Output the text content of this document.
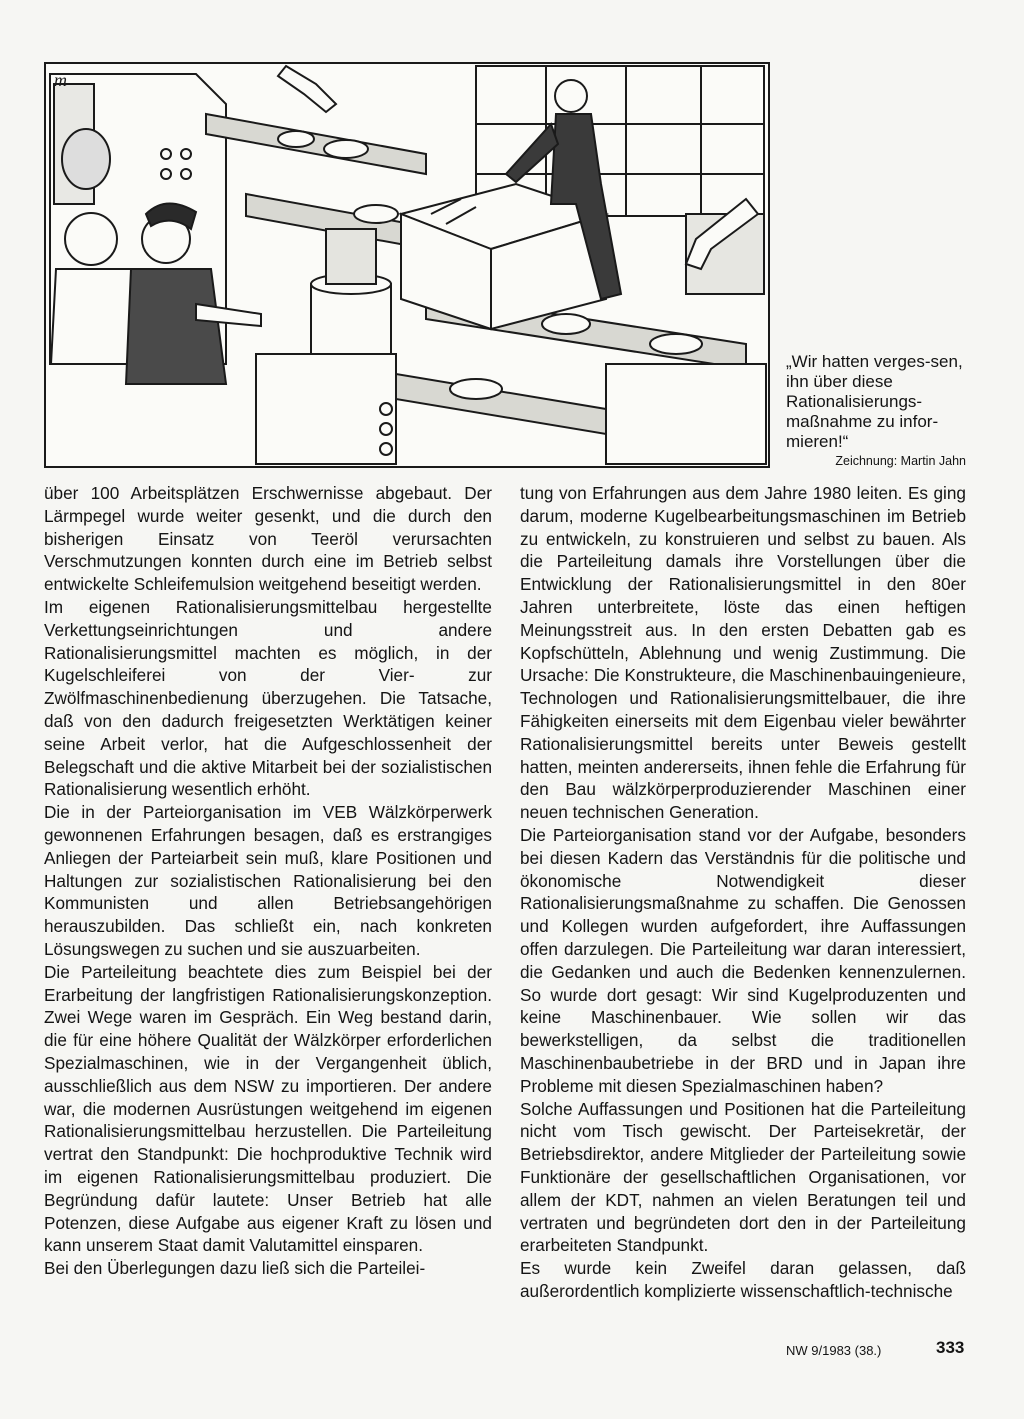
m
„Wir hatten verges-sen, ihn über diese Rationalisierungs-maßnahme zu infor-mieren!“
Zeichnung: Martin Jahn

über 100 Arbeitsplätzen Erschwernisse abgebaut. Der Lärmpegel wurde weiter gesenkt, und die durch den bisherigen Einsatz von Teeröl verursachten Verschmutzungen konnten durch eine im Betrieb selbst entwickelte Schleifemulsion weitgehend beseitigt werden.

Im eigenen Rationalisierungsmittelbau hergestellte Verkettungseinrichtungen und andere Rationalisierungsmittel machten es möglich, in der Kugelschleiferei von der Vier- zur Zwölfmaschinenbedienung überzugehen. Die Tatsache, daß von den dadurch freigesetzten Werktätigen keiner seine Arbeit verlor, hat die Aufgeschlossenheit der Belegschaft und die aktive Mitarbeit bei der sozialistischen Rationalisierung wesentlich erhöht.

Die in der Parteiorganisation im VEB Wälzkörperwerk gewonnenen Erfahrungen besagen, daß es erstrangiges Anliegen der Parteiarbeit sein muß, klare Positionen und Haltungen zur sozialistischen Rationalisierung bei den Kommunisten und allen Betriebsangehörigen herauszubilden. Das schließt ein, nach konkreten Lösungswegen zu suchen und sie auszuarbeiten.

Die Parteileitung beachtete dies zum Beispiel bei der Erarbeitung der langfristigen Rationalisierungskonzeption. Zwei Wege waren im Gespräch. Ein Weg bestand darin, die für eine höhere Qualität der Wälzkörper erforderlichen Spezialmaschinen, wie in der Vergangenheit üblich, ausschließlich aus dem NSW zu importieren. Der andere war, die modernen Ausrüstungen weitgehend im eigenen Rationalisierungsmittelbau herzustellen. Die Parteileitung vertrat den Standpunkt: Die hochproduktive Technik wird im eigenen Rationalisierungsmittelbau produziert. Die Begründung dafür lautete: Unser Betrieb hat alle Potenzen, diese Aufgabe aus eigener Kraft zu lösen und kann unserem Staat damit Valutamittel einsparen.

Bei den Überlegungen dazu ließ sich die Parteilei-

tung von Erfahrungen aus dem Jahre 1980 leiten. Es ging darum, moderne Kugelbearbeitungsmaschinen im Betrieb zu entwickeln, zu konstruieren und selbst zu bauen. Als die Parteileitung damals ihre Vorstellungen über die Entwicklung der Rationalisierungsmittel in den 80er Jahren unterbreitete, löste das einen heftigen Meinungsstreit aus. In den ersten Debatten gab es Kopfschütteln, Ablehnung und wenig Zustimmung. Die Ursache: Die Konstrukteure, die Maschinenbauingenieure, Technologen und Rationalisierungsmittelbauer, die ihre Fähigkeiten einerseits mit dem Eigenbau vieler bewährter Rationalisierungsmittel bereits unter Beweis gestellt hatten, meinten andererseits, ihnen fehle die Erfahrung für den Bau wälzkörperproduzierender Maschinen einer neuen technischen Generation.

Die Parteiorganisation stand vor der Aufgabe, besonders bei diesen Kadern das Verständnis für die politische und ökonomische Notwendigkeit dieser Rationalisierungsmaßnahme zu schaffen. Die Genossen und Kollegen wurden aufgefordert, ihre Auffassungen offen darzulegen. Die Parteileitung war daran interessiert, die Gedanken und auch die Bedenken kennenzulernen. So wurde dort gesagt: Wir sind Kugelproduzenten und keine Maschinenbauer. Wie sollen wir das bewerkstelligen, da selbst die traditionellen Maschinenbaubetriebe in der BRD und in Japan ihre Probleme mit diesen Spezialmaschinen haben?

Solche Auffassungen und Positionen hat die Parteileitung nicht vom Tisch gewischt. Der Parteisekretär, der Betriebsdirektor, andere Mitglieder der Parteileitung sowie Funktionäre der gesellschaftlichen Organisationen, vor allem der KDT, nahmen an vielen Beratungen teil und vertraten und begründeten dort den in der Parteileitung erarbeiteten Standpunkt.

Es wurde kein Zweifel daran gelassen, daß außerordentlich komplizierte wissenschaftlich-technische

NW 9/1983 (38.)	333
